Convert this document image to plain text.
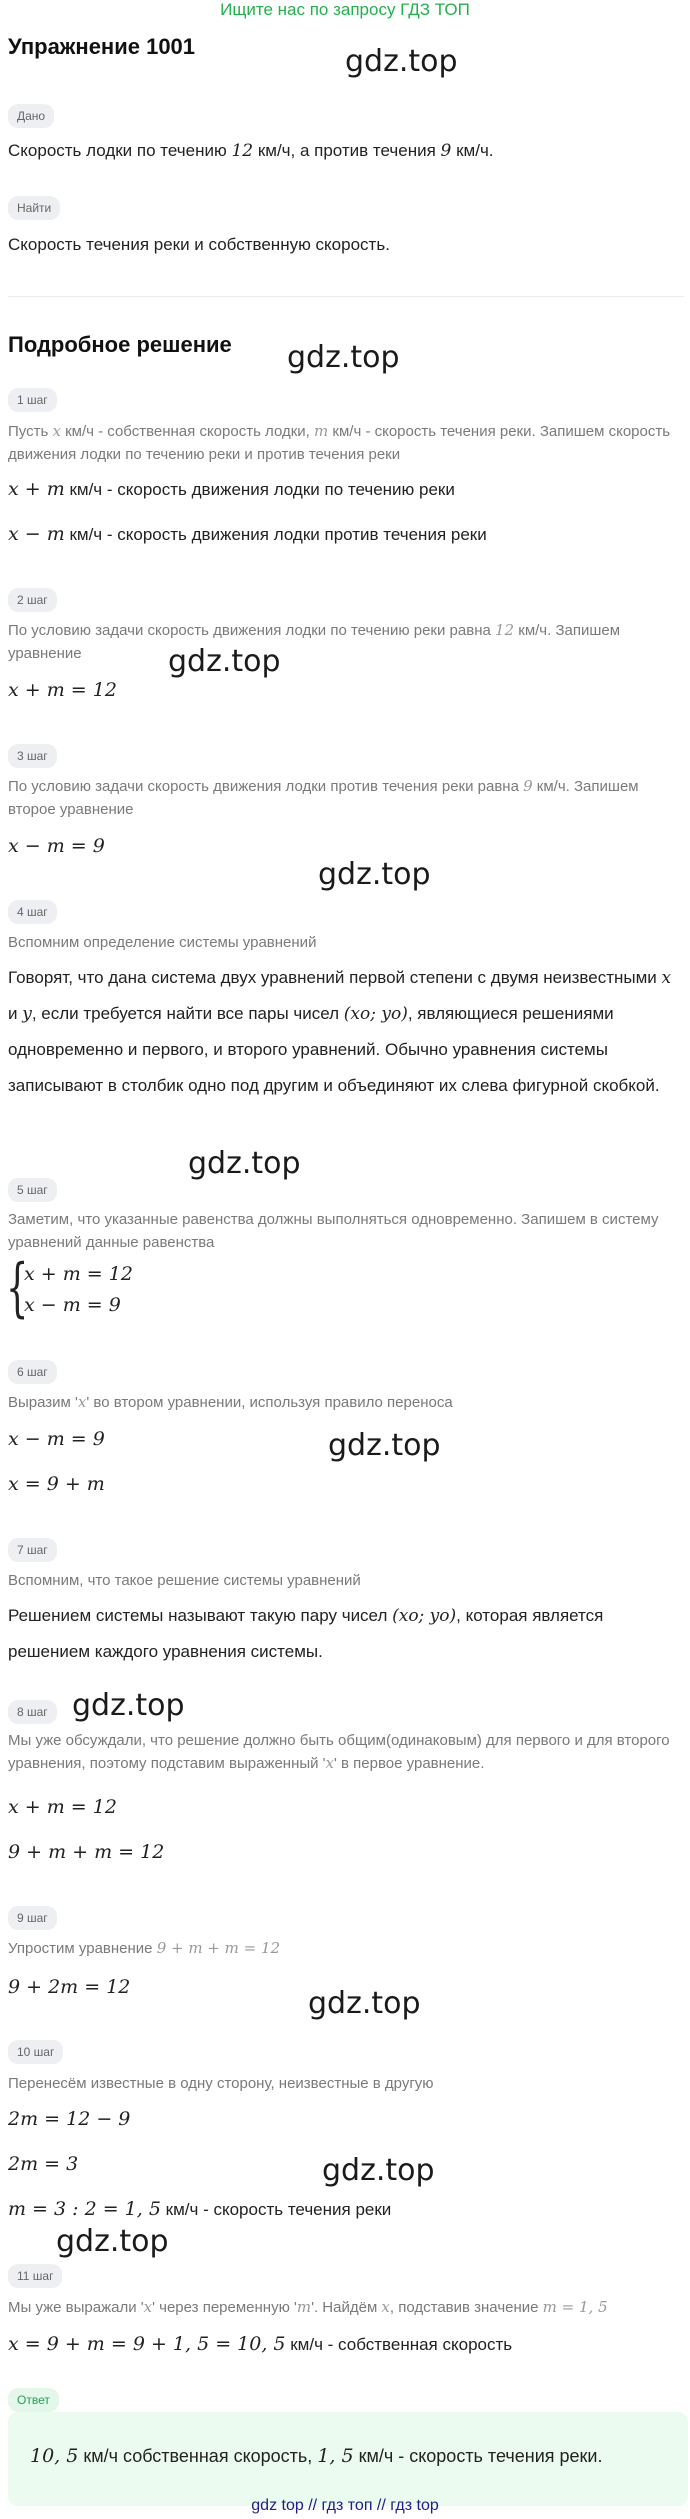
Ищите нас по запросу ГДЗ ТОП
Упражнение 1001	gdz.top
Дано
Скорость лодки по течению 12 км/ч, а против течения 9 км/ч.
Найти
Скорость течения реки и собственную скорость.
Подробное решение gdz.top
1 шаг
Пусть x км/ч - собственная скорость лодки, m км/ч - скорость течения реки. Запишем скорость движения лодки по течению реки и против течения реки
x + m км/ч - скорость движения лодки по течению реки
x − m км/ч - скорость движения лодки против течения реки
2 шаг
По условию задачи скорость движения лодки по течению реки равна 12 км/ч. Запишем уравнение	gdz.top
x + m = 12
3 шаг
По условию задачи скорость движения лодки против течения реки равна 9 км/ч. Запишем второе уравнение
x − m = 9
gdz.top
4 шаг
Вспомним определение системы уравнений
Говорят, что дана система двух уравнений первой степени с двумя неизвестными x и y, если требуется найти все пары чисел (xo; yo), являющиеся решениями одновременно и первого, и второго уравнений. Обычно уравнения системы записывают в столбик одно под другим и объединяют их слева фигурной скобкой.
gdz.top
5 шаг
Заметим, что указанные равенства должны выполняться одновременно. Запишем в систему уравнений данные равенства
{
x + m = 12
x − m = 9
6 шаг
Выразим 'x' во втором уравнении, используя правило переноса
x − m = 9	gdz.top
x = 9 + m
7 шаг
Вспомним, что такое решение системы уравнений
Решением системы называют такую пару чисел (xo; yo), которая является решением каждого уравнения системы.
8 шаг gdz.top
Мы уже обсуждали, что решение должно быть общим(одинаковым) для первого и для второго уравнения, поэтому подставим выраженный 'x' в первое уравнение.
x + m = 12
9 + m + m = 12
9 шаг
Упростим уравнение 9 + m + m = 12
9 + 2m = 12	gdz.top
10 шаг
Перенесём известные в одну сторону, неизвестные в другую
2m = 12 − 9
2m = 3	gdz.top
m = 3 : 2 = 1, 5 км/ч - скорость течения реки
gdz.top
11 шаг
Мы уже выражали 'x' через переменную 'm'. Найдём x, подставив значение m = 1, 5
x = 9 + m = 9 + 1, 5 = 10, 5 км/ч - собственная скорость
Ответ
10, 5 км/ч собственная скорость, 1, 5 км/ч - скорость течения реки.
gdz top // гдз топ // гдз top
